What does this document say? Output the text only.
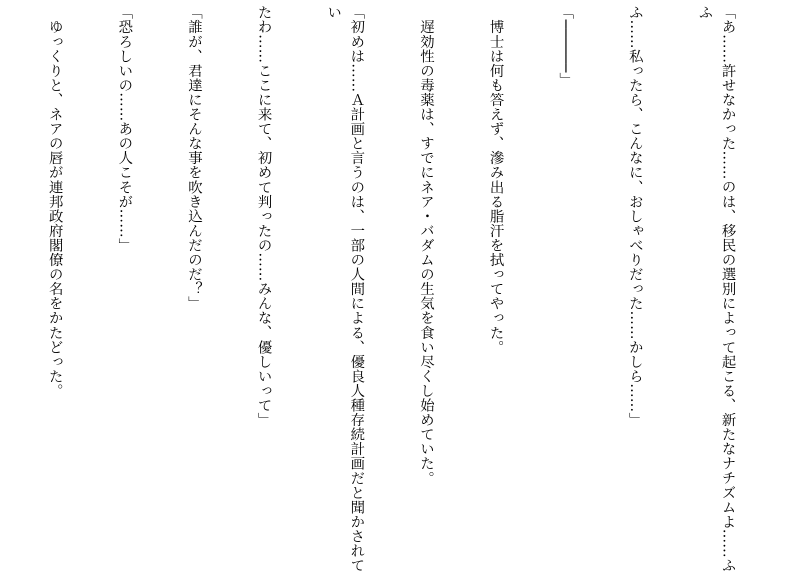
「あ……許せなかった……のは、移民の選別によって起こる、新たなナチズムよ……ふふ

ふ……私ったら、こんなに、おしゃべりだった……かしら……」

「──────」

　博士は何も答えず、滲み出る脂汗を拭ってやった。

　遅効性の毒薬は、すでにネア・バダムの生気を食い尽くし始めていた。

「初めは……Ａ計画と言うのは、一部の人間による、優良人種存続計画だと聞かされてい

たわ……ここに来て、初めて判ったの……みんな、優しいって」

「誰が、君達にそんな事を吹き込んだのだ？」

「恐ろしいの……あの人こそが……」

　ゆっくりと、ネアの唇が連邦政府閣僚の名をかたどった。
